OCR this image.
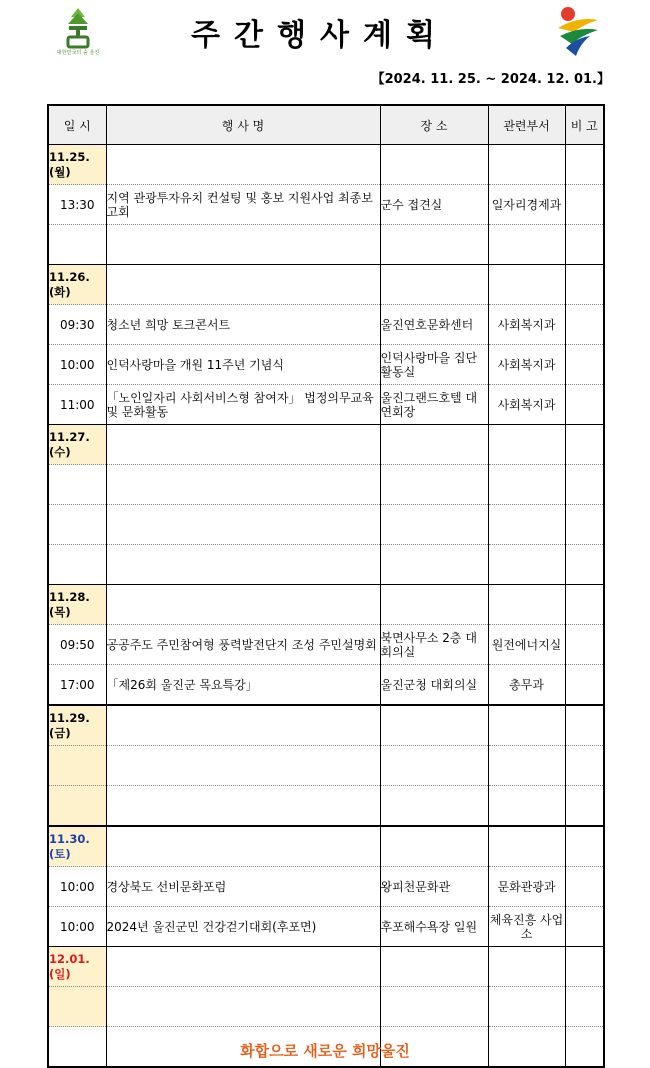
대한민국의 숲 울진	주간행사계획
【2024. 11. 25. ~ 2024. 12. 01.】
일 시	행 사 명	장 소	관련부서	비 고
11.25.(월)				
13:30	지역 관광투자유치 컨설팅 및 홍보 지원사업 최종보고회	군수 접견실	일자리경제과	

11.26.(화)				
09:30	청소년 희망 토크콘서트	울진연호문화센터	사회복지과	
10:00	인덕사랑마을 개원 11주년 기념식	인덕사랑마을 집단활동실	사회복지과	
11:00	「노인일자리 사회서비스형 참여자」 법정의무교육 및 문화활동	울진그랜드호텔 대연회장	사회복지과	
11.27.(수)				

11.28.(목)				
09:50	공공주도 주민참여형 풍력발전단지 조성 주민설명회	북면사무소 2층 대회의실	원전에너지실	
17:00	「제26회 울진군 목요특강」	울진군청 대회의실	총무과	
11.29.(금)				

11.30.(토)				
10:00	경상북도 선비문화포럼	왕피천문화관	문화관광과	
10:00	2024년 울진군민 건강걷기대회(후포면)	후포해수욕장 일원	체육진흥 사업소	
12.01.(일)				

화합으로 새로운 희망울진
